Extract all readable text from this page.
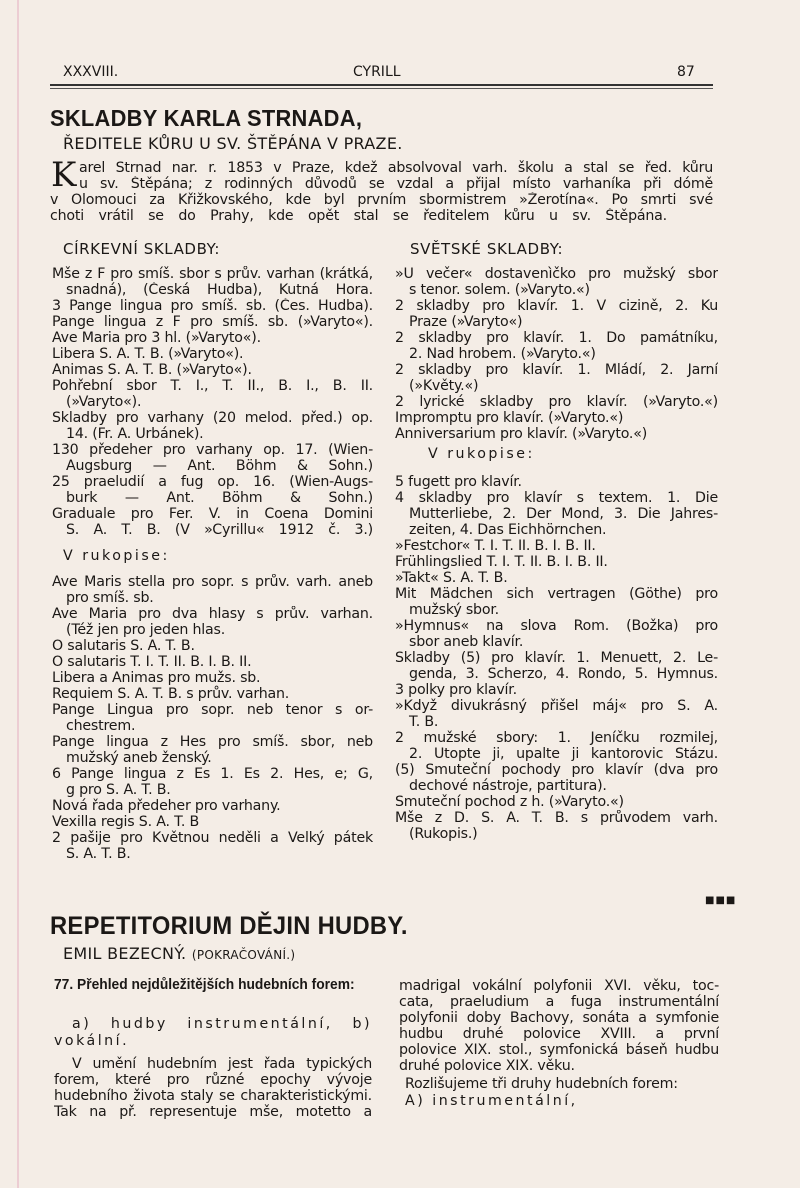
XXXVIII.	CYRILL	87
SKLADBY KARLA STRNADA,
ŘEDITELE KŮRU U SV. ŠTĚPÁNA V PRAZE.
K arel Strnad nar. r. 1853 v Praze, kdež absolvoval varh. školu a stal se řed. kůru
u sv. Štěpána; z rodinných důvodů se vzdal a přijal místo varhaníka při dómě
v Olomouci za Křižkovského, kde byl prvním sbormistrem »Žerotína«. Po smrti své
choti vrátil se do Prahy, kde opět stal se ředitelem kůru u sv. Štěpána.
CÍRKEVNÍ SKLADBY:	SVĚTSKÉ SKLADBY:
Mše z F pro smíš. sbor s prův. varhan (krátká,
snadná), (Česká Hudba), Kutná Hora.
3 Pange lingua pro smíš. sb. (Čes. Hudba).
Pange lingua z F pro smíš. sb. (»Varyto«).
Ave Maria pro 3 hl. (»Varyto«).
Libera S. A. T. B. (»Varyto«).
Animas S. A. T. B. (»Varyto«).
Pohřební sbor T. I., T. II., B. I., B. II.
(»Varyto«).
Skladby pro varhany (20 melod. před.) op.
14. (Fr. A. Urbánek).
130 předeher pro varhany op. 17. (Wien-
Augsburg — Ant. Böhm & Sohn.)
25 praeludií a fug op. 16. (Wien-Augs-
burk — Ant. Böhm & Sohn.)
Graduale pro Fer. V. in Coena Domini
S. A. T. B. (V »Cyrillu« 1912 č. 3.)
V rukopise:
Ave Maris stella pro sopr. s prův. varh. aneb
pro smíš. sb.
Ave Maria pro dva hlasy s prův. varhan.
(Též jen pro jeden hlas.
O salutaris S. A. T. B.
O salutaris T. I. T. II. B. I. B. II.
Libera a Animas pro mužs. sb.
Requiem S. A. T. B. s prův. varhan.
Pange Lingua pro sopr. neb tenor s or-
chestrem.
Pange lingua z Hes pro smíš. sbor, neb
mužský aneb ženský.
6 Pange lingua z Es 1. Es 2. Hes, e; G,
g pro S. A. T. B.
Nová řada předeher pro varhany.
Vexilla regis S. A. T. B
2 pašije pro Květnou neděli a Velký pátek
S. A. T. B.
»U večer« dostavenìčko pro mužský sbor
s tenor. solem. (»Varyto.«)
2 skladby pro klavír. 1. V cizině, 2. Ku
Praze (»Varyto«)
2 skladby pro klavír. 1. Do památníku,
2. Nad hrobem. (»Varyto.«)
2 skladby pro klavír. 1. Mládí, 2. Jarní
(»Květy.«)
2 lyrické skladby pro klavír. (»Varyto.«)
Impromptu pro klavír. (»Varyto.«)
Anniversarium pro klavír. (»Varyto.«)
V rukopise:
5 fugett pro klavír.
4 skladby pro klavír s textem. 1. Die
Mutterliebe, 2. Der Mond, 3. Die Jahres-
zeiten, 4. Das Eichhörnchen.
»Festchor« T. I. T. II. B. I. B. II.
Frühlingslied T. I. T. II. B. I. B. II.
»Takt« S. A. T. B.
Mit Mädchen sich vertragen (Göthe) pro
mužský sbor.
»Hymnus« na slova Rom. (Božka) pro
sbor aneb klavír.
Skladby (5) pro klavír. 1. Menuett, 2. Le-
genda, 3. Scherzo, 4. Rondo, 5. Hymnus.
3 polky pro klavír.
»Když divukrásný přišel máj« pro S. A.
T. B.
2 mužské sbory: 1. Jeníčku rozmilej,
2. Utopte ji, upalte ji kantorovic Stázu.
(5) Smuteční pochody pro klavír (dva pro
dechové nástroje, partitura).
Smuteční pochod z h. (»Varyto.«)
Mše z D. S. A. T. B. s průvodem varh.
(Rukopis.)
■■■
REPETITORIUM DĚJIN HUDBY.
EMIL BEZECNÝ. (POKRAČOVÁNÍ.)
77. Přehled nejdůležitějších hudebních forem:
a) hudby instrumentální, b)
vokální.
V umění hudebním jest řada typických
forem, které pro různé epochy vývoje
hudebního života staly se charakteristickými.
Tak na př. representuje mše, motetto a
madrigal vokální polyfonii XVI. věku, toc-
cata, praeludium a fuga instrumentální
polyfonii doby Bachovy, sonáta a symfonie
hudbu druhé polovice XVIII. a první
polovice XIX. stol., symfonická báseň hudbu
druhé polovice XIX. věku.
Rozlišujeme tři druhy hudebních forem:
A) instrumentální,
